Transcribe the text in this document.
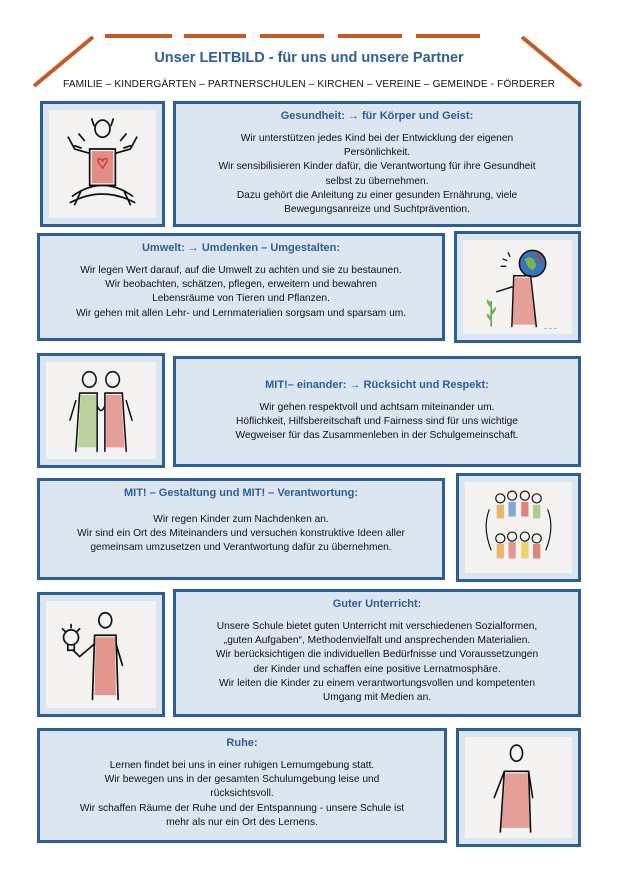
Unser LEITBILD - für uns und unsere Partner
FAMILIE – KINDERGÄRTEN – PARTNERSCHULEN – KIRCHEN – VEREINE – GEMEINDE - FÖRDERER
Gesundheit: → für Körper und Geist:

Wir unterstützen jedes Kind bei der Entwicklung der eigenen
Persönlichkeit.
Wir sensibilisieren Kinder dafür, die Verantwortung für ihre Gesundheit
selbst zu übernehmen.
Dazu gehört die Anleitung zu einer gesunden Ernährung, viele
Bewegungsanreize und Suchtprävention.

Umwelt: → Umdenken – Umgestalten:

Wir legen Wert darauf, auf die Umwelt zu achten und sie zu bestaunen.
Wir beobachten, schätzen, pflegen, erweitern und bewahren
Lebensräume von Tieren und Pflanzen.
Wir gehen mit allen Lehr- und Lernmaterialien sorgsam und sparsam um.

~ ~ ~
MIT!– einander: → Rücksicht und Respekt:

Wir gehen respektvoll und achtsam miteinander um.
Höflichkeit, Hilfsbereitschaft und Fairness sind für uns wichtige
Wegweiser für das Zusammenleben in der Schulgemeinschaft.

MIT! – Gestaltung und MIT! – Verantwortung:

Wir regen Kinder zum Nachdenken an.
Wir sind ein Ort des Miteinanders und versuchen konstruktive Ideen aller
gemeinsam umzusetzen und Verantwortung dafür zu übernehmen.

Guter Unterricht:

Unsere Schule bietet guten Unterricht mit verschiedenen Sozialformen,
„guten Aufgaben“, Methodenvielfalt und ansprechenden Materialien.
Wir berücksichtigen die individuellen Bedürfnisse und Voraussetzungen
der Kinder und schaffen eine positive Lernatmosphäre.
Wir leiten die Kinder zu einem verantwortungsvollen und kompetenten
Umgang mit Medien an.

Ruhe:

Lernen findet bei uns in einer ruhigen Lernumgebung statt.
Wir bewegen uns in der gesamten Schulumgebung leise und
rücksichtsvoll.
Wir schaffen Räume der Ruhe und der Entspannung - unsere Schule ist
mehr als nur ein Ort des Lernens.
